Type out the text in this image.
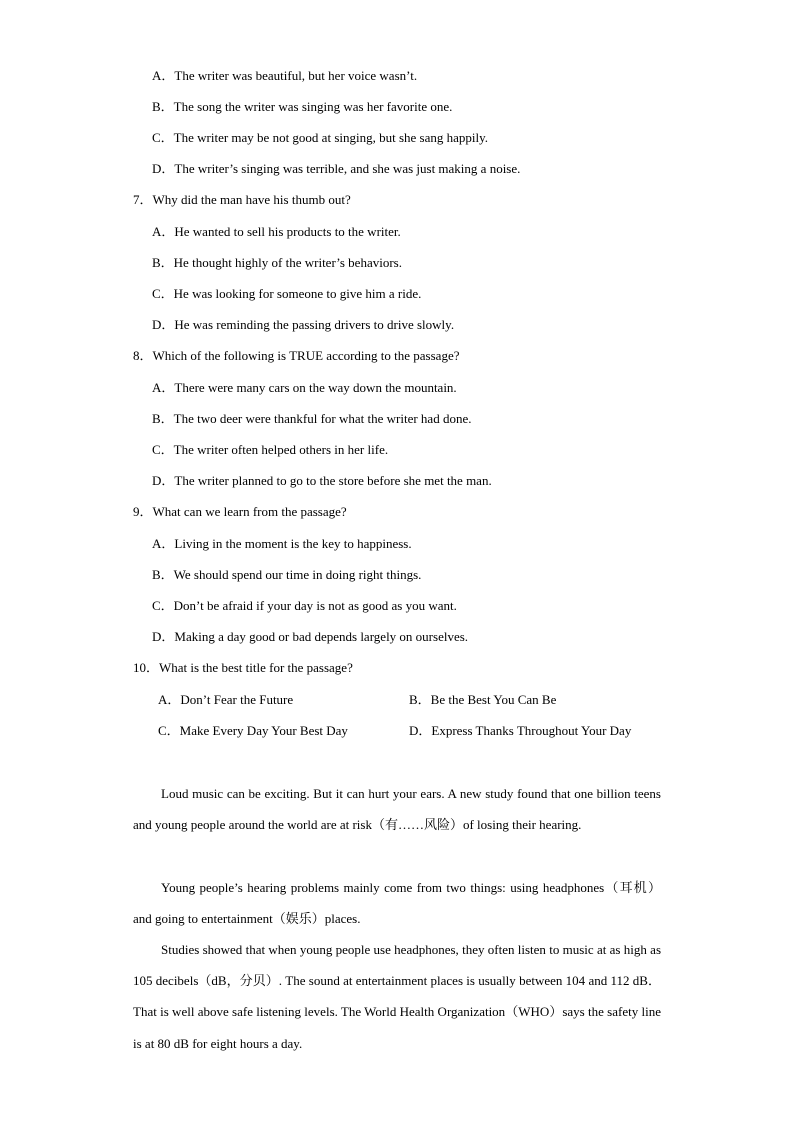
A．The writer was beautiful, but her voice wasn’t.
B．The song the writer was singing was her favorite one.
C．The writer may be not good at singing, but she sang happily.
D．The writer’s singing was terrible, and she was just making a noise.
7．Why did the man have his thumb out?
A．He wanted to sell his products to the writer.
B．He thought highly of the writer’s behaviors.
C．He was looking for someone to give him a ride.
D．He was reminding the passing drivers to drive slowly.
8．Which of the following is TRUE according to the passage?
A．There were many cars on the way down the mountain.
B．The two deer were thankful for what the writer had done.
C．The writer often helped others in her life.
D．The writer planned to go to the store before she met the man.
9．What can we learn from the passage?
A．Living in the moment is the key to happiness.
B．We should spend our time in doing right things.
C．Don’t be afraid if your day is not as good as you want.
D．Making a day good or bad depends largely on ourselves.
10．What is the best title for the passage?
A．Don’t Fear the Future	B．Be the Best You Can Be
C．Make Every Day Your Best Day	D．Express Thanks Throughout Your Day
Loud music can be exciting. But it can hurt your ears. A new study found that one billion teens and young people around the world are at risk（有……风险）of losing their hearing.
Young people’s hearing problems mainly come from two things: using headphones（耳机）and going to entertainment（娱乐）places.
Studies showed that when young people use headphones, they often listen to music at as high as 105 decibels（dB，分贝）. The sound at entertainment places is usually between 104 and 112 dB． That is well above safe listening levels. The World Health Organization（WHO）says the safety line is at 80 dB for eight hours a day.
